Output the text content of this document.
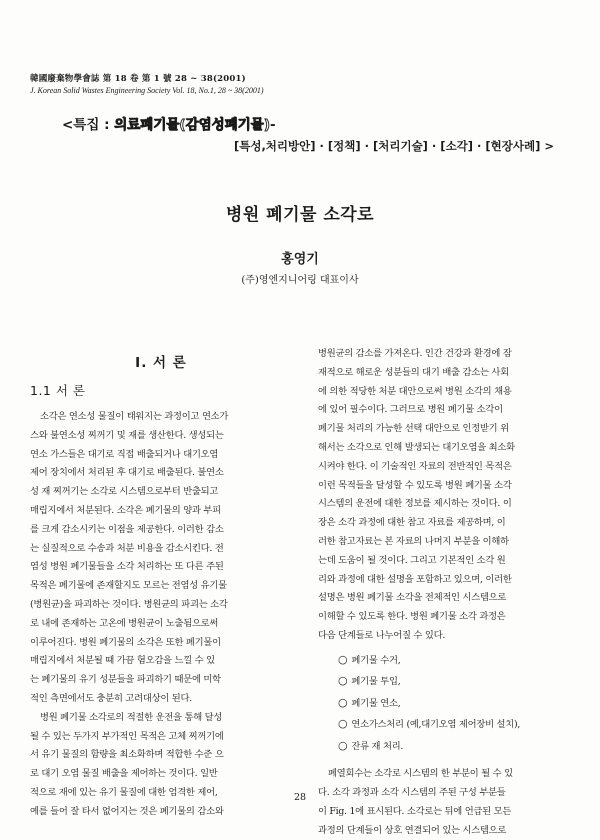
韓國廢棄物學會誌 第 18 卷 第 1 號 28 ~ 38(2001)
J. Korean Solid Wastes Engineering Society Vol. 18, No.1, 28 ~ 38(2001)
<특집 : 의료폐기물(감염성폐기물)-
[특성,처리방안] · [정책] · [처리기술] · [소각] · [현장사례] >
병원 폐기물 소각로
홍영기
(주)영엔지니어링 대표이사
Ⅰ. 서 론
1.1 서 론
소각은 연소성 물질이 태워지는 과정이고 연소가
스와 불연소성 찌꺼기 및 재를 생산한다. 생성되는
연소 가스들은 대기로 직접 배출되거나 대기오염
제어 장치에서 처리된 후 대기로 배출된다. 불연소
성 재 찌꺼기는 소각로 시스템으로부터 반출되고
매립지에서 처분된다. 소각은 폐기물의 양과 부피
를 크게 감소시키는 이점을 제공한다. 이러한 감소
는 실질적으로 수송과 처분 비용을 감소시킨다. 전
염성 병원 폐기물들을 소각 처리하는 또 다른 주된
목적은 폐기물에 존재할지도 모르는 전염성 유기물
(병원균)을 파괴하는 것이다. 병원균의 파괴는 소각
로 내에 존재하는 고온에 병원균이 노출됨으로써
이루어진다. 병원 폐기물의 소각은 또한 폐기물이
매립지에서 처분될 때 가끔 혐오감을 느낄 수 있
는 폐기물의 유기 성분들을 파괴하기 때문에 미학
적인 측면에서도 충분히 고려대상이 된다.
병원 폐기물 소각로의 적절한 운전을 통해 달성
될 수 있는 두가지 부가적인 목적은 고체 찌꺼기에
서 유기 물질의 함량을 최소화하며 적합한 수준 으
로 대기 오염 물질 배출을 제어하는 것이다. 일반
적으로 재에 있는 유기 물질에 대한 엄격한 제어,
예를 들어 잘 타서 없어지는 것은 폐기물의 감소와
병원균의 감소를 가져온다. 인간 건강과 환경에 잠
재적으로 해로운 성분들의 대기 배출 감소는 사회
에 의한 적당한 처분 대안으로써 병원 소각의 채용
에 있어 필수이다. 그러므로 병원 폐기물 소각이
폐기물 처리의 가능한 선택 대안으로 인정받기 위
해서는 소각으로 인해 발생되는 대기오염을 최소화
시켜야 한다. 이 기술적인 자료의 전반적인 목적은
이런 목적들을 달성할 수 있도록 병원 폐기물 소각
시스템의 운전에 대한 정보를 제시하는 것이다. 이
장은 소각 과정에 대한 참고 자료를 제공하며, 이
러한 참고자료는 본 자료의 나머지 부분을 이해하
는데 도움이 될 것이다. 그리고 기본적인 소각 원
리와 과정에 대한 설명을 포함하고 있으며, 이러한
설명은 병원 폐기물 소각을 전체적인 시스템으로
이해할 수 있도록 한다. 병원 폐기물 소각 과정은
다음 단계들로 나누어질 수 있다.
○ 폐기물 수거,
○ 폐기물 투입,
○ 폐기물 연소,
○ 연소가스처리 (예,대기오염 제어장비 설치),
○ 잔류 재 처리.
폐열회수는 소각로 시스템의 한 부분이 될 수 있
다. 소각 과정과 소각 시스템의 주된 구성 부분들
이 Fig. 1에 표시된다. 소각로는 뒤에 언급된 모든
과정의 단계들이 상호 연결되어 있는 시스템으로
28
